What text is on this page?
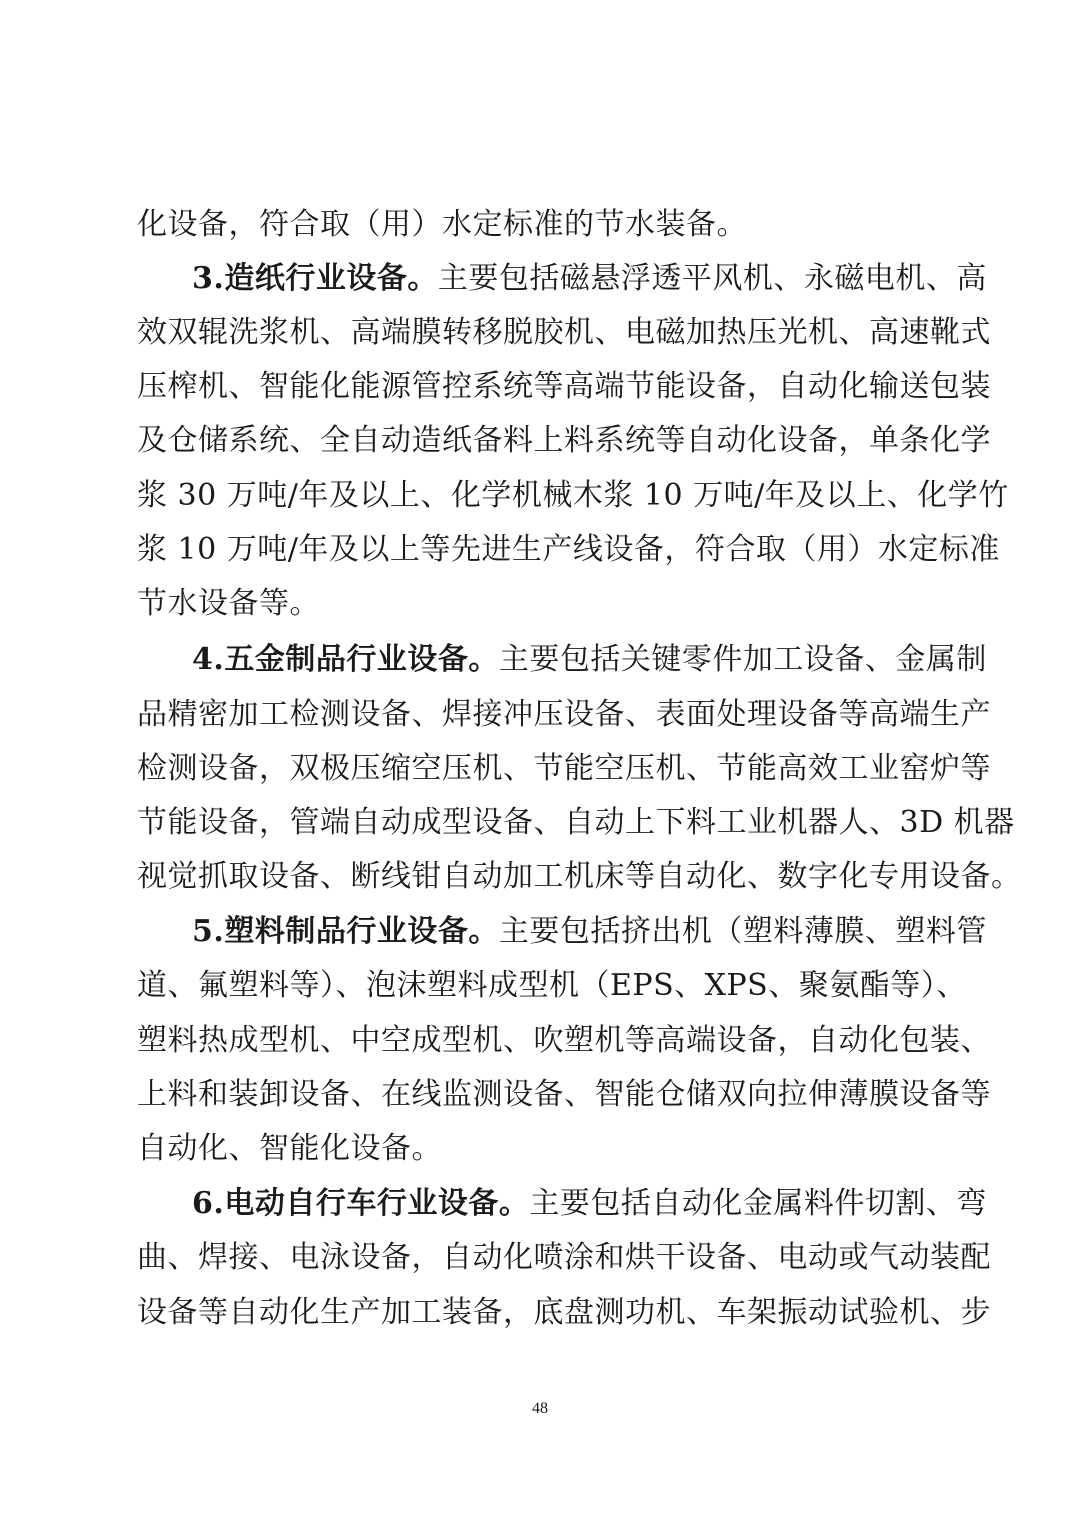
化设备，符合取（用）水定标准的节水装备。
3.造纸行业设备。主要包括磁悬浮透平风机、永磁电机、高
效双辊洗浆机、高端膜转移脱胶机、电磁加热压光机、高速靴式
压榨机、智能化能源管控系统等高端节能设备，自动化输送包装
及仓储系统、全自动造纸备料上料系统等自动化设备，单条化学
浆 30 万吨/年及以上、化学机械木浆 10 万吨/年及以上、化学竹
浆 10 万吨/年及以上等先进生产线设备，符合取（用）水定标准
节水设备等。
4.五金制品行业设备。主要包括关键零件加工设备、金属制
品精密加工检测设备、焊接冲压设备、表面处理设备等高端生产
检测设备，双极压缩空压机、节能空压机、节能高效工业窑炉等
节能设备，管端自动成型设备、自动上下料工业机器人、3D 机器
视觉抓取设备、断线钳自动加工机床等自动化、数字化专用设备。
5.塑料制品行业设备。主要包括挤出机（塑料薄膜、塑料管
道、氟塑料等）、泡沫塑料成型机（EPS、XPS、聚氨酯等）、
塑料热成型机、中空成型机、吹塑机等高端设备，自动化包装、
上料和装卸设备、在线监测设备、智能仓储双向拉伸薄膜设备等
自动化、智能化设备。
6.电动自行车行业设备。主要包括自动化金属料件切割、弯
曲、焊接、电泳设备，自动化喷涂和烘干设备、电动或气动装配
设备等自动化生产加工装备，底盘测功机、车架振动试验机、步
48
